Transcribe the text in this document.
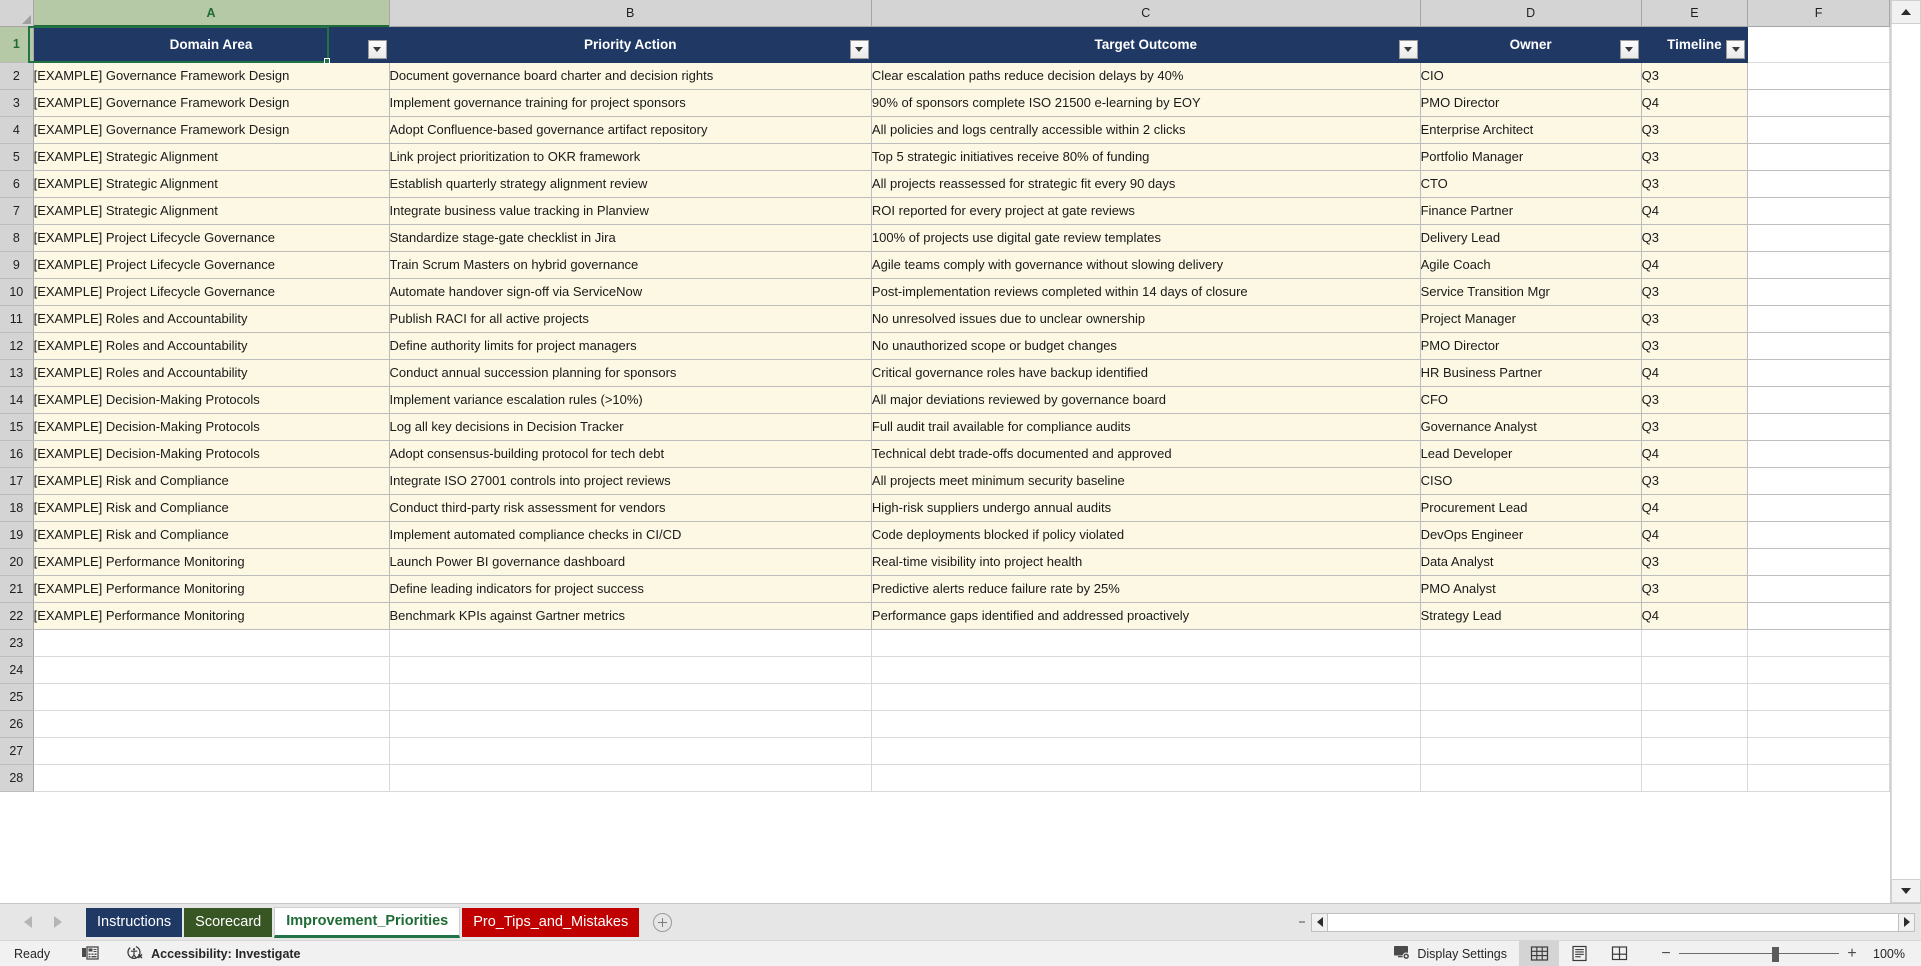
	A	B	C	D	E	F
1	Domain Area	Priority Action	Target Outcome	Owner	Timeline

2	[EXAMPLE] Governance Framework Design	Document governance board charter and decision rights	Clear escalation paths reduce decision delays by 40%	CIO	Q3	
3	[EXAMPLE] Governance Framework Design	Implement governance training for project sponsors	90% of sponsors complete ISO 21500 e-learning by EOY	PMO Director	Q4	
4	[EXAMPLE] Governance Framework Design	Adopt Confluence-based governance artifact repository	All policies and logs centrally accessible within 2 clicks	Enterprise Architect	Q3	
5	[EXAMPLE] Strategic Alignment	Link project prioritization to OKR framework	Top 5 strategic initiatives receive 80% of funding	Portfolio Manager	Q3	
6	[EXAMPLE] Strategic Alignment	Establish quarterly strategy alignment review	All projects reassessed for strategic fit every 90 days	CTO	Q3	
7	[EXAMPLE] Strategic Alignment	Integrate business value tracking in Planview	ROI reported for every project at gate reviews	Finance Partner	Q4	
8	[EXAMPLE] Project Lifecycle Governance	Standardize stage-gate checklist in Jira	100% of projects use digital gate review templates	Delivery Lead	Q3	
9	[EXAMPLE] Project Lifecycle Governance	Train Scrum Masters on hybrid governance	Agile teams comply with governance without slowing delivery	Agile Coach	Q4	
10	[EXAMPLE] Project Lifecycle Governance	Automate handover sign-off via ServiceNow	Post-implementation reviews completed within 14 days of closure	Service Transition Mgr	Q3	
11	[EXAMPLE] Roles and Accountability	Publish RACI for all active projects	No unresolved issues due to unclear ownership	Project Manager	Q3	
12	[EXAMPLE] Roles and Accountability	Define authority limits for project managers	No unauthorized scope or budget changes	PMO Director	Q3	
13	[EXAMPLE] Roles and Accountability	Conduct annual succession planning for sponsors	Critical governance roles have backup identified	HR Business Partner	Q4	
14	[EXAMPLE] Decision-Making Protocols	Implement variance escalation rules (>10%)	All major deviations reviewed by governance board	CFO	Q3	
15	[EXAMPLE] Decision-Making Protocols	Log all key decisions in Decision Tracker	Full audit trail available for compliance audits	Governance Analyst	Q3	
16	[EXAMPLE] Decision-Making Protocols	Adopt consensus-building protocol for tech debt	Technical debt trade-offs documented and approved	Lead Developer	Q4	
17	[EXAMPLE] Risk and Compliance	Integrate ISO 27001 controls into project reviews	All projects meet minimum security baseline	CISO	Q3	
18	[EXAMPLE] Risk and Compliance	Conduct third-party risk assessment for vendors	High-risk suppliers undergo annual audits	Procurement Lead	Q4	
19	[EXAMPLE] Risk and Compliance	Implement automated compliance checks in CI/CD	Code deployments blocked if policy violated	DevOps Engineer	Q4	
20	[EXAMPLE] Performance Monitoring	Launch Power BI governance dashboard	Real-time visibility into project health	Data Analyst	Q3	
21	[EXAMPLE] Performance Monitoring	Define leading indicators for project success	Predictive alerts reduce failure rate by 25%	PMO Analyst	Q3	
22	[EXAMPLE] Performance Monitoring	Benchmark KPIs against Gartner metrics	Performance gaps identified and addressed proactively	Strategy Lead	Q4	
23						
24						
25						
26						
27						
28						
Instructions	Scorecard	Improvement_Priorities	Pro_Tips_and_Mistakes
Ready	Accessibility: Investigate	Display Settings	−	+	100%
